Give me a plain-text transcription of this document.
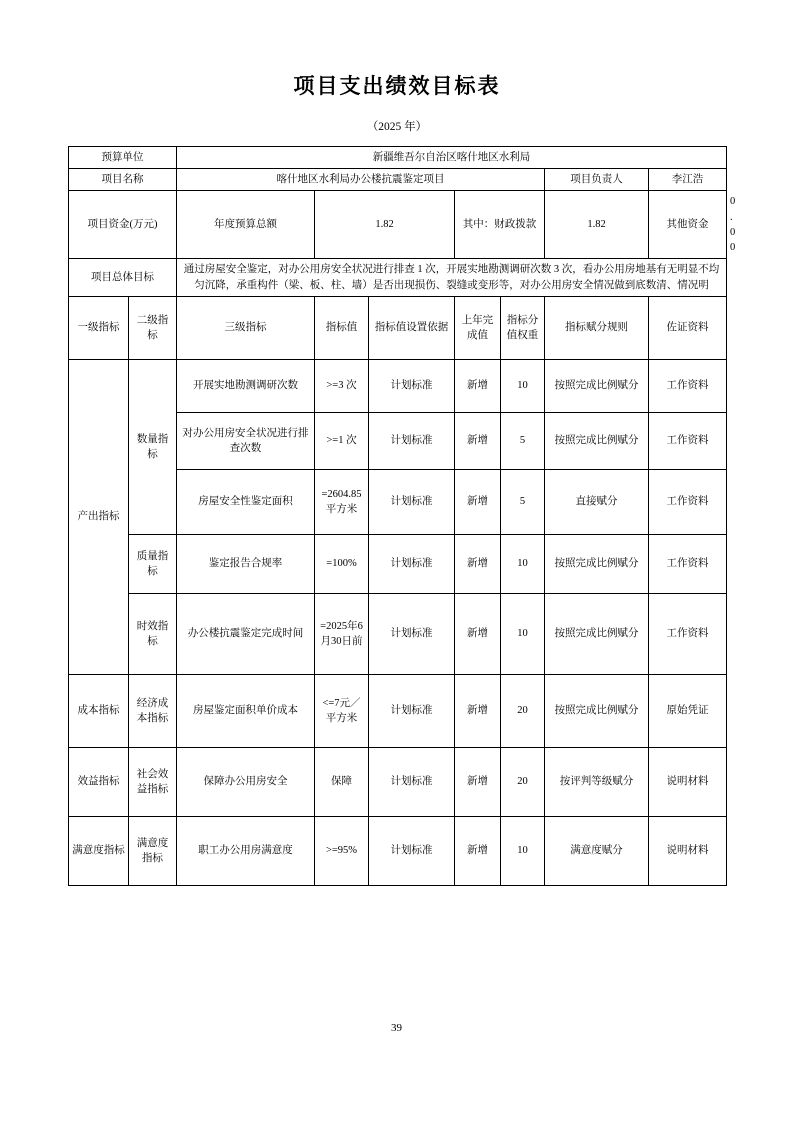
项目支出绩效目标表
（2025 年）
预算单位		新疆维吾尔自治区喀什地区水利局							
项目名称		喀什地区水利局办公楼抗震鉴定项目					项目负责人	李江浩	
项目资金(万元)		年度预算总额	1.82		其中：财政拨款		1.82	其他资金	0.00
项目总体目标		通过房屋安全鉴定，对办公用房安全状况进行排查 1 次，开展实地勘测调研次数 3 次，看办公用房地基有无明显不均匀沉降，承重构件（梁、板、柱、墙）是否出现损伤、裂缝或变形等，对办公用房安全情况做到底数清、情况明							
一级指标	二级指标	三级指标	指标值	指标值设置依据	上年完成值	指标分值权重	指标赋分规则	佐证资料	
产出指标	数量指标	开展实地勘测调研次数	>=3 次	计划标准	新增	10	按照完成比例赋分	工作资料	
		对办公用房安全状况进行排查次数	>=1 次	计划标准	新增	5	按照完成比例赋分	工作资料	
		房屋安全性鉴定面积	=2604.85 平方米	计划标准	新增	5	直接赋分	工作资料	
	质量指标	鉴定报告合规率	=100%	计划标准	新增	10	按照完成比例赋分	工作资料	
	时效指标	办公楼抗震鉴定完成时间	=2025年6月30日前	计划标准	新增	10	按照完成比例赋分	工作资料	
成本指标	经济成本指标	房屋鉴定面积单价成本	<=7元／平方米	计划标准	新增	20	按照完成比例赋分	原始凭证	
效益指标	社会效益指标	保障办公用房安全	保障	计划标准	新增	20	按评判等级赋分	说明材料	
满意度指标	满意度指标	职工办公用房满意度	>=95%	计划标准	新增	10	满意度赋分	说明材料	
39
